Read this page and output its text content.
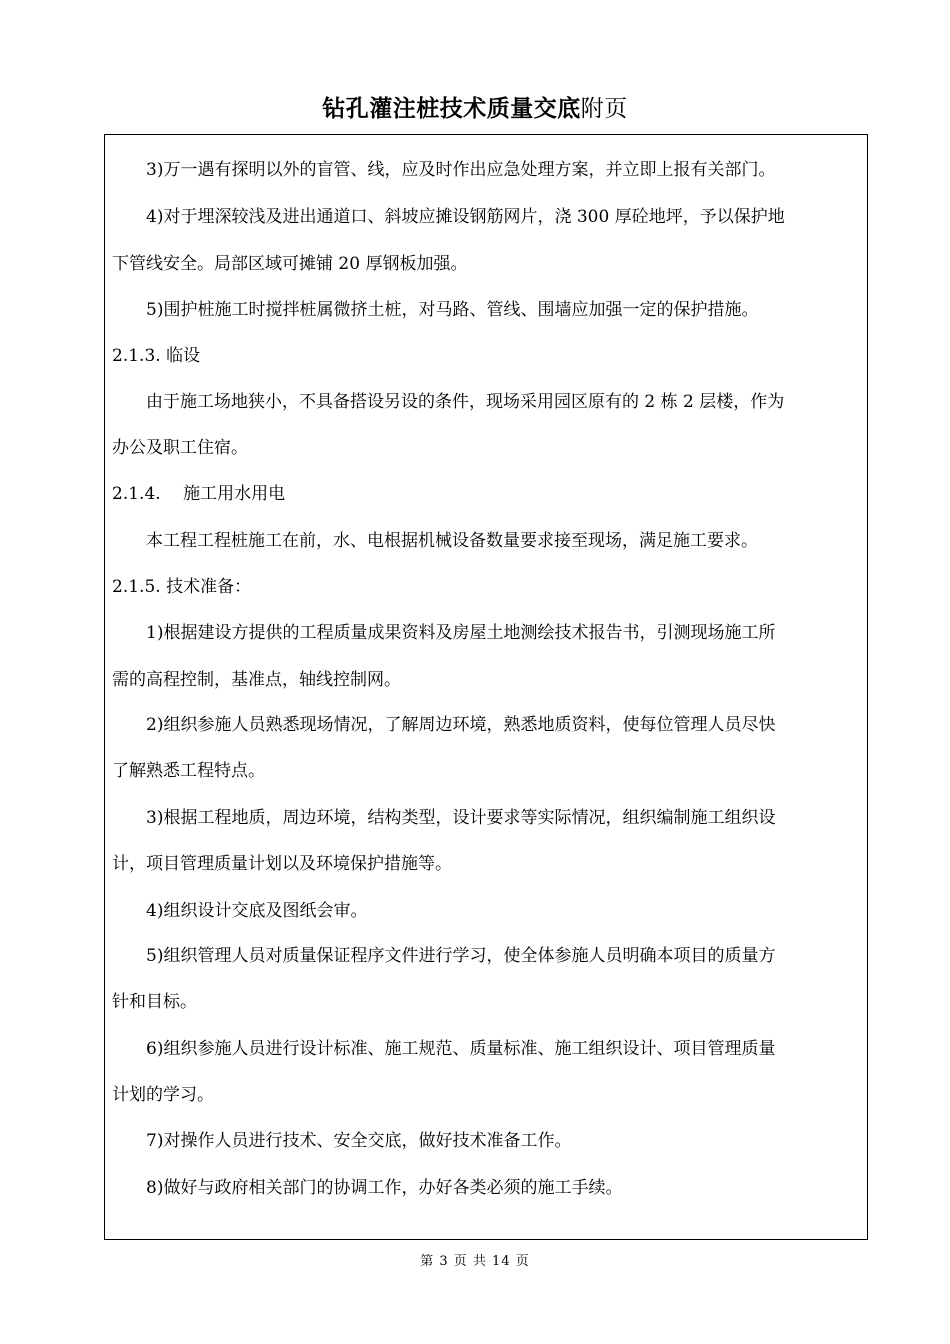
钻孔灌注桩技术质量交底附页
　　3)万一遇有探明以外的盲管、线，应及时作出应急处理方案，并立即上报有关部门。
　　4)对于埋深较浅及进出通道口、斜坡应摊设钢筋网片，浇 300 厚砼地坪，予以保护地
下管线安全。局部区域可摊铺 20 厚钢板加强。
　　5)围护桩施工时搅拌桩属微挤土桩，对马路、管线、围墙应加强一定的保护措施。
2.1.3. 临设
　　由于施工场地狭小，不具备搭设另设的条件，现场采用园区原有的 2 栋 2 层楼，作为
办公及职工住宿。
2.1.4.　 施工用水用电
　　本工程工程桩施工在前，水、电根据机械设备数量要求接至现场，满足施工要求。
2.1.5. 技术准备：
　　1)根据建设方提供的工程质量成果资料及房屋土地测绘技术报告书，引测现场施工所
需的高程控制，基准点，轴线控制网。
　　2)组织参施人员熟悉现场情况，了解周边环境，熟悉地质资料，使每位管理人员尽快
了解熟悉工程特点。
　　3)根据工程地质，周边环境，结构类型，设计要求等实际情况，组织编制施工组织设
计，项目管理质量计划以及环境保护措施等。
　　4)组织设计交底及图纸会审。
　　5)组织管理人员对质量保证程序文件进行学习，使全体参施人员明确本项目的质量方
针和目标。
　　6)组织参施人员进行设计标准、施工规范、质量标准、施工组织设计、项目管理质量
计划的学习。
　　7)对操作人员进行技术、安全交底，做好技术准备工作。
　　8)做好与政府相关部门的协调工作，办好各类必须的施工手续。
第 3 页 共 14 页
